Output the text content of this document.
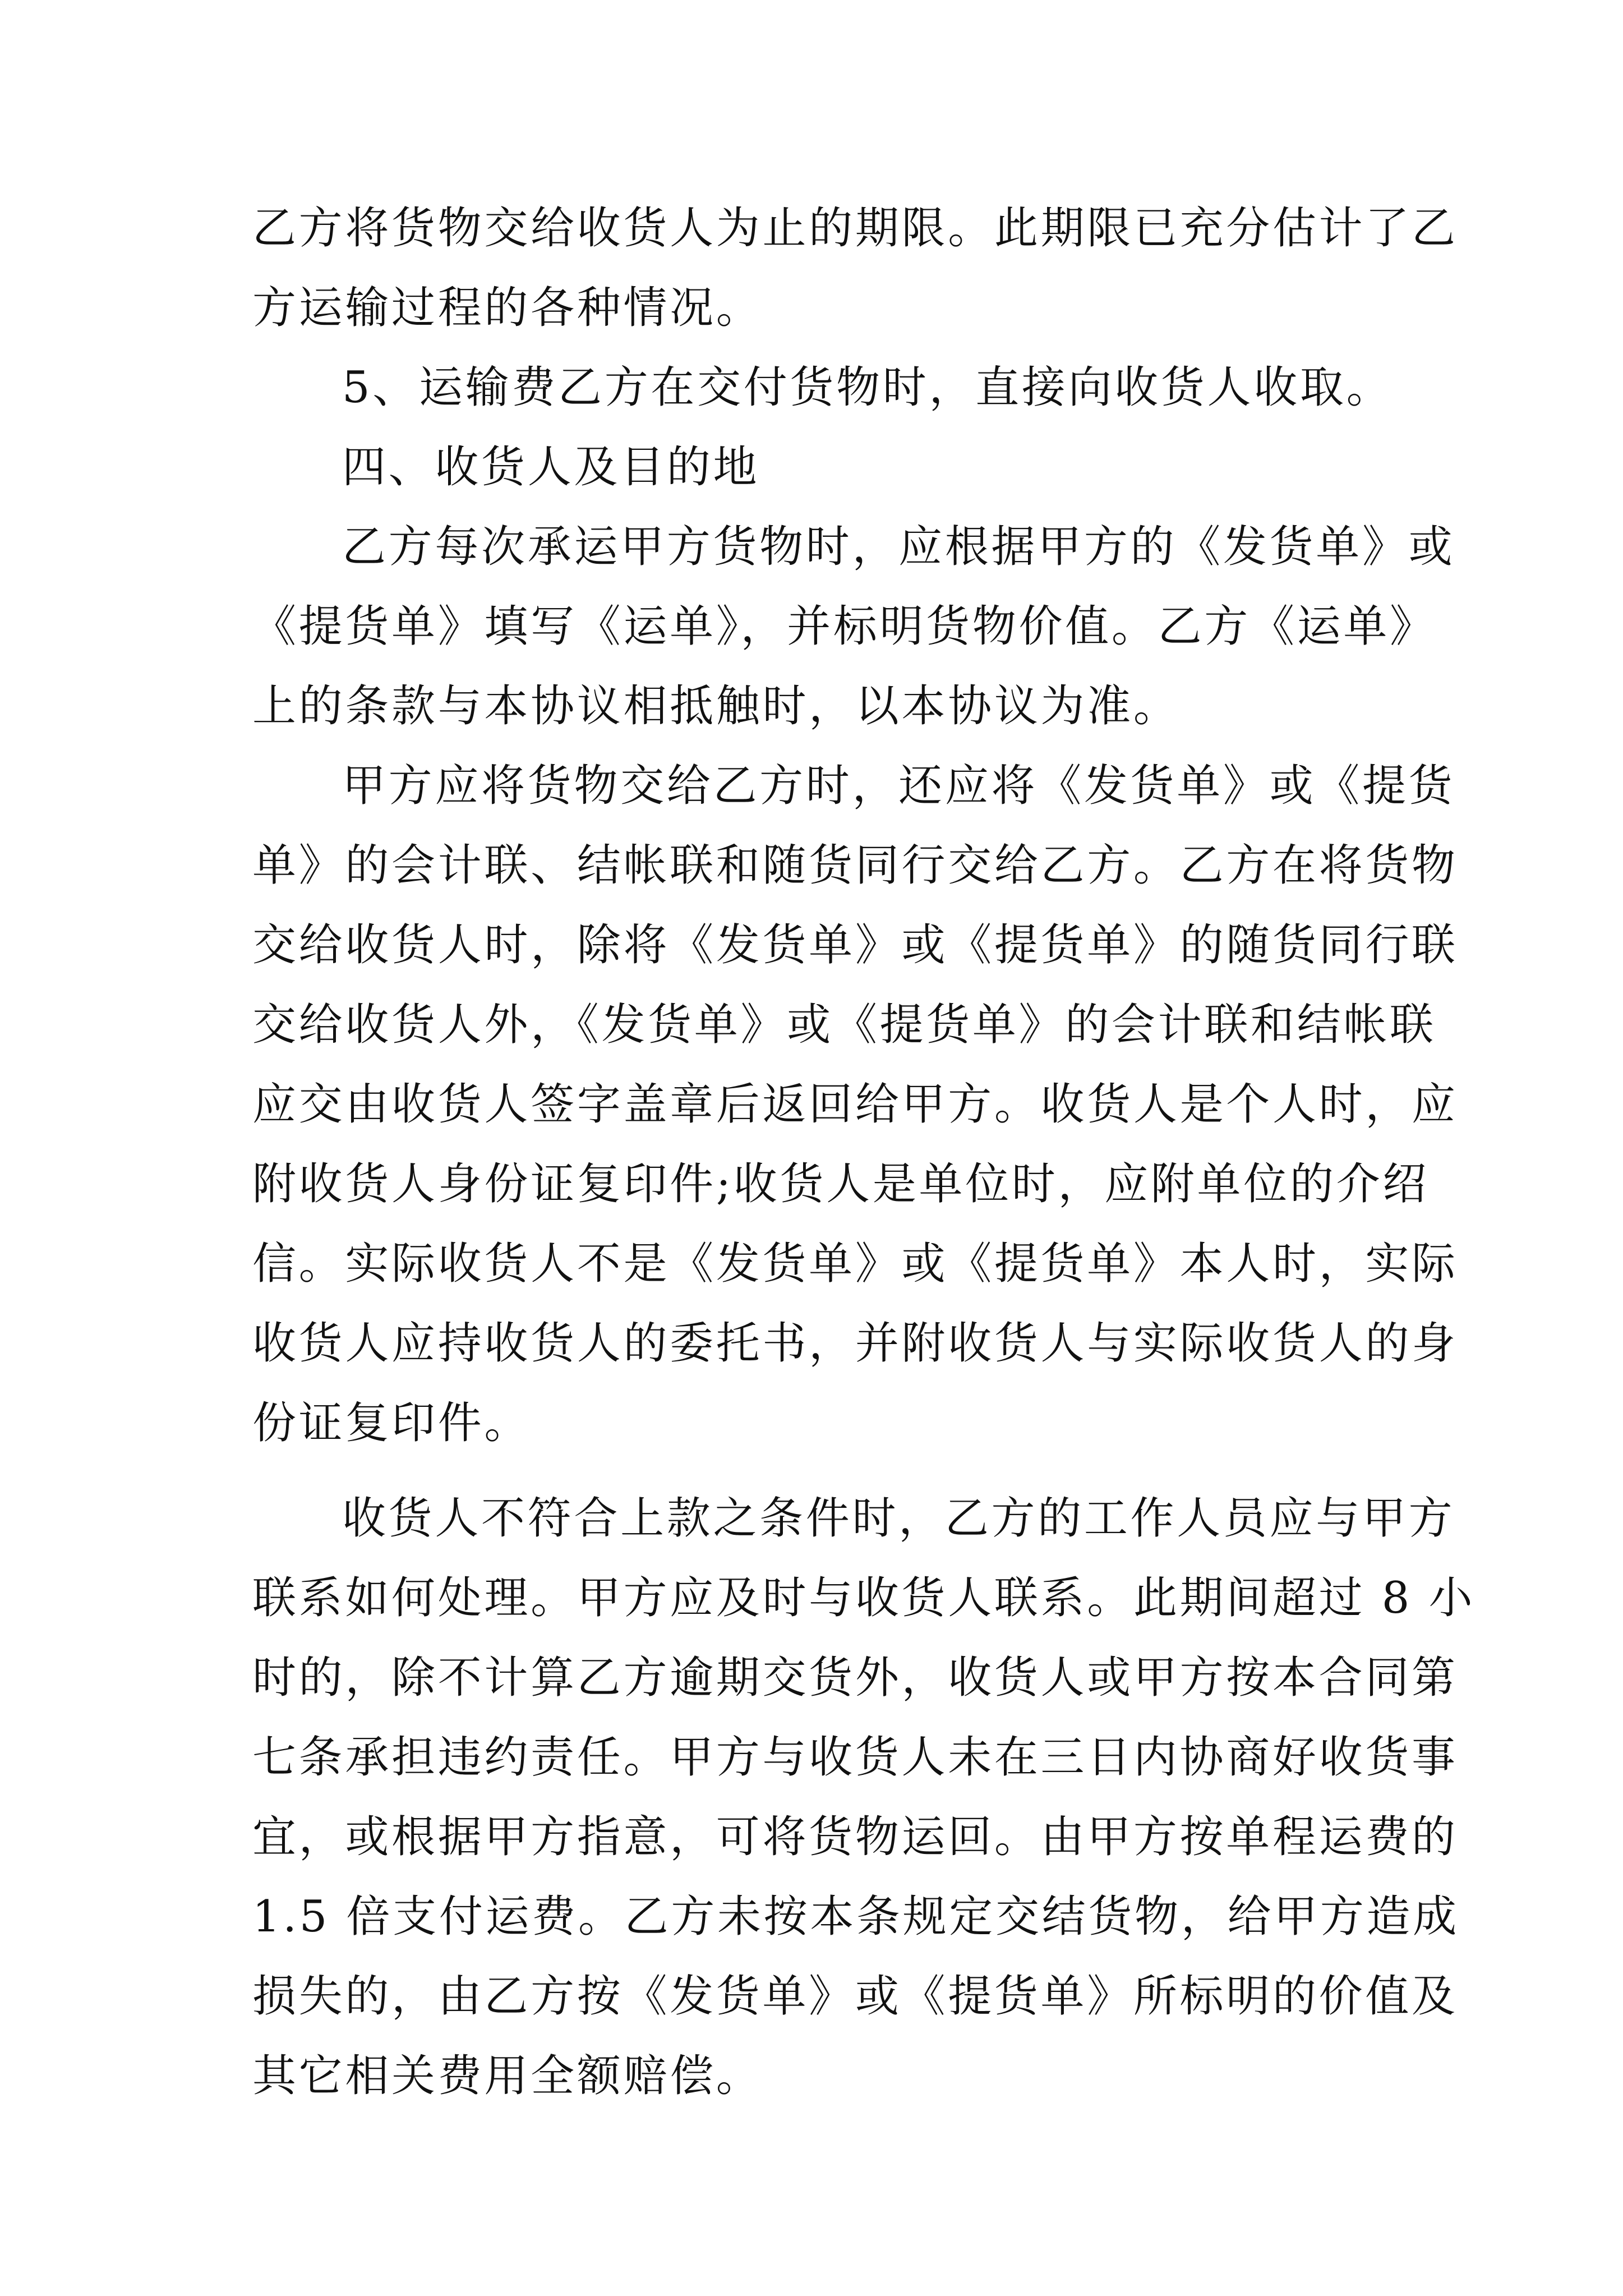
乙方将货物交给收货人为止的期限。此期限已充分估计了乙

方运输过程的各种情况。

5、运输费乙方在交付货物时，直接向收货人收取。

四、收货人及目的地

乙方每次承运甲方货物时，应根据甲方的《发货单》或

《提货单》填写《运单》，并标明货物价值。乙方《运单》

上的条款与本协议相抵触时，以本协议为准。

甲方应将货物交给乙方时，还应将《发货单》或《提货

单》的会计联、结帐联和随货同行交给乙方。乙方在将货物

交给收货人时，除将《发货单》或《提货单》的随货同行联

交给收货人外，《发货单》或《提货单》的会计联和结帐联

应交由收货人签字盖章后返回给甲方。收货人是个人时，应

附收货人身份证复印件;收货人是单位时，应附单位的介绍

信。实际收货人不是《发货单》或《提货单》本人时，实际

收货人应持收货人的委托书，并附收货人与实际收货人的身

份证复印件。

收货人不符合上款之条件时，乙方的工作人员应与甲方

联系如何处理。甲方应及时与收货人联系。此期间超过 8 小

时的，除不计算乙方逾期交货外，收货人或甲方按本合同第

七条承担违约责任。甲方与收货人未在三日内协商好收货事

宜，或根据甲方指意，可将货物运回。由甲方按单程运费的

1.5 倍支付运费。乙方未按本条规定交结货物，给甲方造成

损失的，由乙方按《发货单》或《提货单》所标明的价值及

其它相关费用全额赔偿。
